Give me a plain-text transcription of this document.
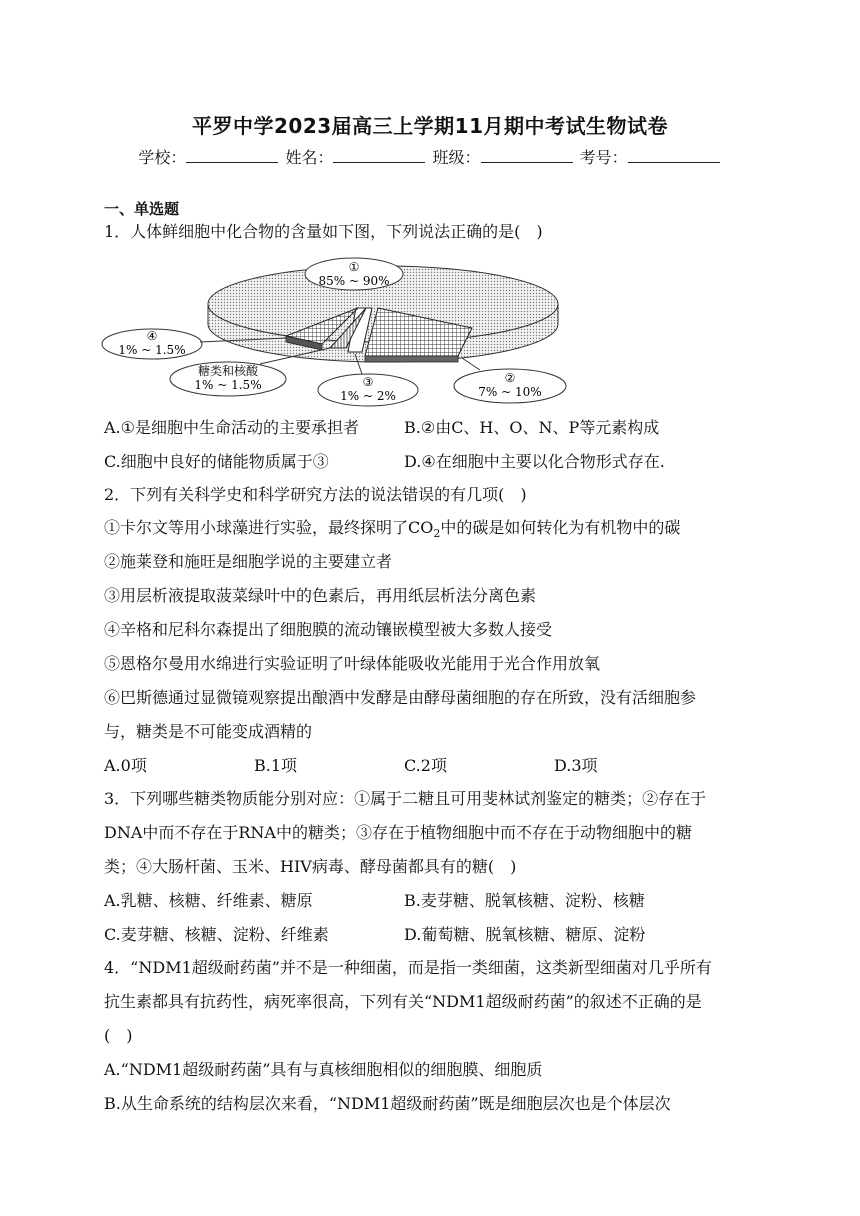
平罗中学2023届高三上学期11月期中考试生物试卷
学校：	姓名：	班级：	考号：
一、单选题
1．人体鲜细胞中化合物的含量如下图，下列说法正确的是(　)
①
85% ~ 90%
④
1% ~ 1.5%
糖类和核酸
1% ~ 1.5%	③
1% ~ 2%
②
7% ~ 10%
A.①是细胞中生命活动的主要承担者	B.②由C、H、O、N、P等元素构成
C.细胞中良好的储能物质属于③	D.④在细胞中主要以化合物形式存在.
2．下列有关科学史和科学研究方法的说法错误的有几项(　)
①卡尔文等用小球藻进行实验，最终探明了$CO_2$中的碳是如何转化为有机物中的碳
②施莱登和施旺是细胞学说的主要建立者
③用层析液提取菠菜绿叶中的色素后，再用纸层析法分离色素
④辛格和尼科尔森提出了细胞膜的流动镶嵌模型被大多数人接受
⑤恩格尔曼用水绵进行实验证明了叶绿体能吸收光能用于光合作用放氧
⑥巴斯德通过显微镜观察提出酿酒中发酵是由酵母菌细胞的存在所致，没有活细胞参
与，糖类是不可能变成酒精的
A.0项	B.1项	C.2项	D.3项
3．下列哪些糖类物质能分别对应：①属于二糖且可用斐林试剂鉴定的糖类；②存在于
DNA中而不存在于RNA中的糖类；③存在于植物细胞中而不存在于动物细胞中的糖
类；④大肠杆菌、玉米、HIV病毒、酵母菌都具有的糖(　)
A.乳糖、核糖、纤维素、糖原	B.麦芽糖、脱氧核糖、淀粉、核糖
C.麦芽糖、核糖、淀粉、纤维素	D.葡萄糖、脱氧核糖、糖原、淀粉
4．“NDM1超级耐药菌”并不是一种细菌，而是指一类细菌，这类新型细菌对几乎所有
抗生素都具有抗药性，病死率很高，下列有关“NDM1超级耐药菌”的叙述不正确的是
(　)
A.“NDM1超级耐药菌”具有与真核细胞相似的细胞膜、细胞质
B.从生命系统的结构层次来看，“NDM1超级耐药菌”既是细胞层次也是个体层次
